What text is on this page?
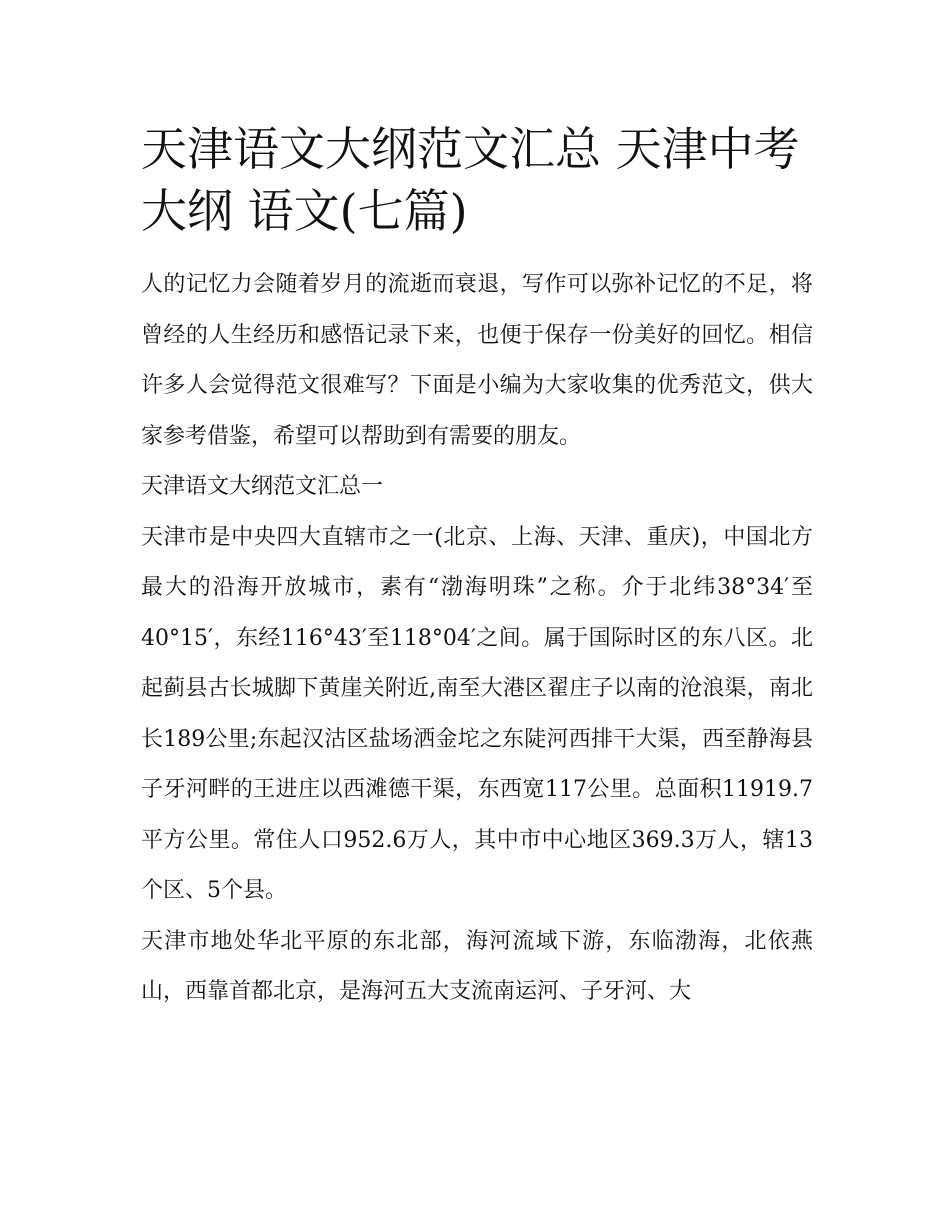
天津语文大纲范文汇总 天津中考大纲 语文(七篇)

人的记忆力会随着岁月的流逝而衰退，写作可以弥补记忆的不足，将曾经的人生经历和感悟记录下来，也便于保存一份美好的回忆。相信许多人会觉得范文很难写？下面是小编为大家收集的优秀范文，供大家参考借鉴，希望可以帮助到有需要的朋友。

天津语文大纲范文汇总一

天津市是中央四大直辖市之一(北京、上海、天津、重庆)，中国北方最大的沿海开放城市，素有“渤海明珠”之称。介于北纬38°34′至40°15′，东经116°43′至118°04′之间。属于国际时区的东八区。北起蓟县古长城脚下黄崖关附近,南至大港区翟庄子以南的沧浪渠，南北长189公里;东起汉沽区盐场洒金坨之东陡河西排干大渠，西至静海县子牙河畔的王进庄以西滩德干渠，东西宽117公里。总面积11919.7平方公里。常住人口952.6万人，其中市中心地区369.3万人，辖13个区、5个县。

天津市地处华北平原的东北部，海河流域下游，东临渤海，北依燕山，西靠首都北京，是海河五大支流南运河、子牙河、大
